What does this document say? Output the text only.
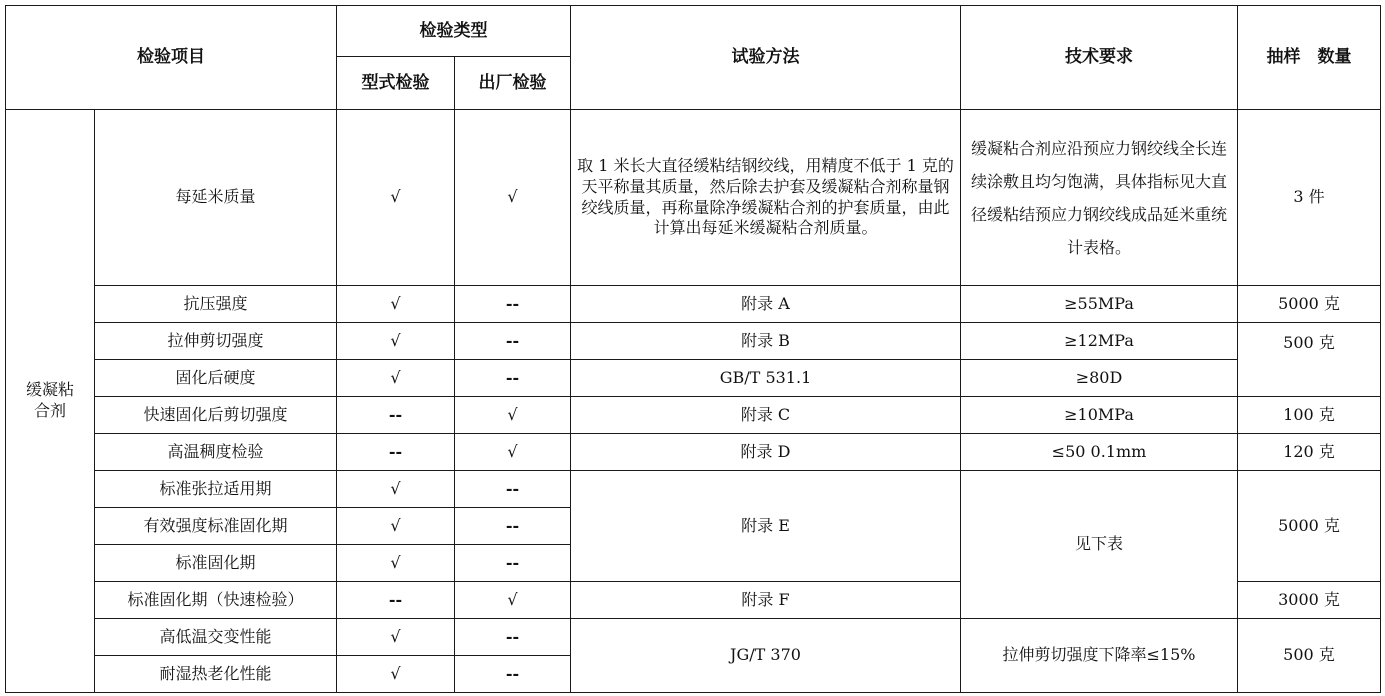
检验项目		检验类型		试验方法	技术要求	抽样　数量
		型式检验	出厂检验			

缓凝粘合剂	每延米质量	√	√	取 1 米长大直径缓粘结钢绞线，用精度不低于 1 克的天平称量其质量，然后除去护套及缓凝粘合剂称量钢绞线质量，再称量除净缓凝粘合剂的护套质量，由此计算出每延米缓凝粘合剂质量。	缓凝粘合剂应沿预应力钢绞线全长连续涂敷且均匀饱满，具体指标见大直径缓粘结预应力钢绞线成品延米重统计表格。	3 件
	抗压强度	√	--	附录 A	≥55MPa	5000 克
	拉伸剪切强度	√	--	附录 B	≥12MPa	500 克
	固化后硬度	√	--	GB/T 531.1	≥80D	
	快速固化后剪切强度	--	√	附录 C	≥10MPa	100 克
	高温稠度检验	--	√	附录 D	≤50 0.1mm	120 克
	标准张拉适用期	√	--	附录 E	见下表	5000 克
	有效强度标准固化期	√	--			
	标准固化期	√	--			
	标准固化期（快速检验）	--	√	附录 F		3000 克
	高低温交变性能	√	--	JG/T 370	拉伸剪切强度下降率≤15%	500 克
	耐湿热老化性能	√	--			
